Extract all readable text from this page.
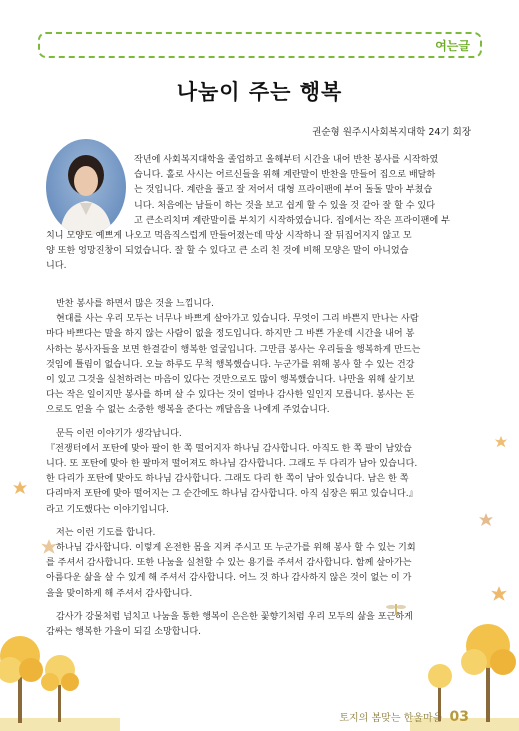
여는글
나눔이 주는 행복
권순형 원주시사회복지대학 24기 회장
작년에 사회복지대학을 졸업하고 올해부터 시간을 내어 반찬 봉사를 시작하였
습니다. 홀로 사시는 어르신들을 위해 계란말이 반찬을 만들어 집으로 배달하
는 것입니다. 계란을 풀고 잘 저어서 대형 프라이팬에 부어 돌돌 말아 부쳤습
니다. 처음에는 남들이 하는 것을 보고 쉽게 할 수 있을 것 같아 잘 할 수 있다
고 큰소리치며 계란말이를 부치기 시작하였습니다. 집에서는 작은 프라이팬에 부
치니 모양도 예쁘게 나오고 먹음직스럽게 만들어졌는데 막상 시작하니 잘 뒤집어지지 않고 모
양 또한 엉망진창이 되었습니다. 잘 할 수 있다고 큰 소리 친 것에 비해 모양은 말이 아니었습
니다.
반찬 봉사를 하면서 많은 것을 느낍니다.
현대를 사는 우리 모두는 너무나 바쁘게 살아가고 있습니다. 무엇이 그리 바쁜지 만나는 사람
마다 바쁘다는 말을 하지 않는 사람이 없을 정도입니다. 하지만 그 바쁜 가운데 시간을 내어 봉
사하는 봉사자들을 보면 한결같이 행복한 얼굴입니다. 그만큼 봉사는 우리들을 행복하게 만드는
것임에 틀림이 없습니다. 오늘 하루도 무척 행복했습니다. 누군가를 위해 봉사 할 수 있는 건강
이 있고 그것을 실천하려는 마음이 있다는 것만으로도 많이 행복했습니다. 나만을 위해 살기보
다는 작은 일이지만 봉사를 하며 살 수 있다는 것이 얼마나 감사한 일인지 모릅니다. 봉사는 돈
으로도 얻을 수 없는 소중한 행복을 준다는 깨달음을 나에게 주었습니다.
문득 이런 이야기가 생각납니다.
『전쟁터에서 포탄에 맞아 팔이 한 쪽 떨어지자 하나님 감사합니다. 아직도 한 쪽 팔이 남았습
니다. 또 포탄에 맞아 한 팔마저 떨어져도 하나님 감사합니다. 그래도 두 다리가 남아 있습니다.
한 다리가 포탄에 맞아도 하나님 감사합니다. 그래도 다리 한 쪽이 남아 있습니다. 남은 한 쪽
다리마저 포탄에 맞아 떨어지는 그 순간에도 하나님 감사합니다. 아직 심장은 뛰고 있습니다.』
라고 기도했다는 이야기입니다.
저는 이런 기도를 합니다.
하나님 감사합니다. 이렇게 온전한 몸을 지켜 주시고 또 누군가를 위해 봉사 할 수 있는 기회
를 주셔서 감사합니다. 또한 나눔을 실천할 수 있는 용기를 주셔서 감사합니다. 함께 살아가는
아름다운 삶을 살 수 있게 해 주셔서 감사합니다. 어느 것 하나 감사하지 않은 것이 없는 이 가
을을 맞이하게 해 주셔서 감사합니다.
감사가 강물처럼 넘치고 나눔을 통한 행복이 은은한 꽃향기처럼 우리 모두의 삶을 포근하게
감싸는 행복한 가을이 되길 소망합니다.
토지의 봄맞는 한울마을 03
